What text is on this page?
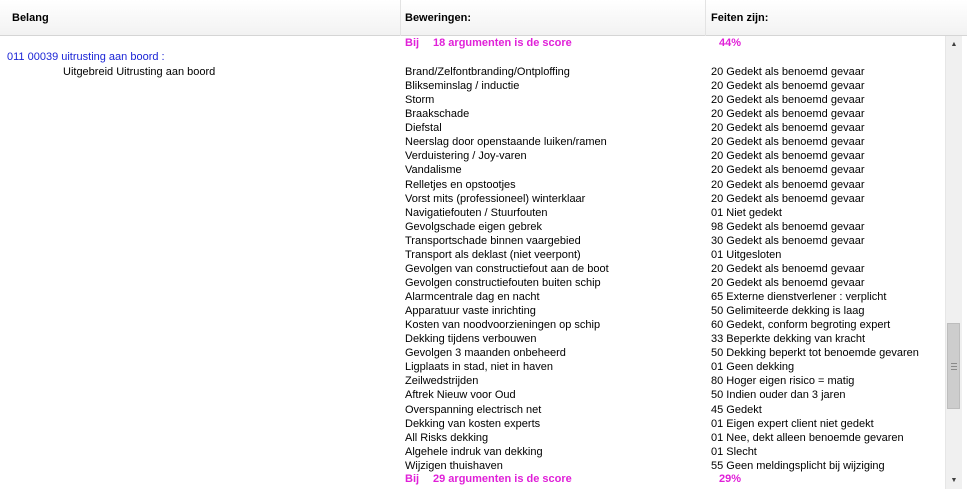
Belang	Beweringen:	Feiten zijn:
011 00039 uitrusting aan boord :
Uitgebreid Uitrusting aan boord
Bij 18 argumenten is de score	44%
Brand/Zelfontbranding/Ontploffing	20 Gedekt als benoemd gevaar
Blikseminslag / inductie	20 Gedekt als benoemd gevaar
Storm	20 Gedekt als benoemd gevaar
Braakschade	20 Gedekt als benoemd gevaar
Diefstal	20 Gedekt als benoemd gevaar
Neerslag door openstaande luiken/ramen	20 Gedekt als benoemd gevaar
Verduistering / Joy-varen	20 Gedekt als benoemd gevaar
Vandalisme	20 Gedekt als benoemd gevaar
Relletjes en opstootjes	20 Gedekt als benoemd gevaar
Vorst mits (professioneel) winterklaar	20 Gedekt als benoemd gevaar
Navigatiefouten / Stuurfouten	01 Niet gedekt
Gevolgschade eigen gebrek	98 Gedekt als benoemd gevaar
Transportschade binnen vaargebied	30 Gedekt als benoemd gevaar
Transport als deklast (niet veerpont)	01 Uitgesloten
Gevolgen van constructiefout aan de boot	20 Gedekt als benoemd gevaar
Gevolgen constructiefouten buiten schip	20 Gedekt als benoemd gevaar
Alarmcentrale dag en nacht	65 Externe dienstverlener : verplicht
Apparatuur vaste inrichting	50 Gelimiteerde dekking is laag
Kosten van noodvoorzieningen op schip	60 Gedekt, conform begroting expert
Dekking tijdens verbouwen	33 Beperkte dekking van kracht
Gevolgen 3 maanden onbeheerd	50 Dekking beperkt tot benoemde gevaren
Ligplaats in stad, niet in haven	01 Geen dekking
Zeilwedstrijden	80 Hoger eigen risico = matig
Aftrek Nieuw voor Oud	50 Indien ouder dan 3 jaren
Overspanning electrisch net	45 Gedekt
Dekking van kosten experts	01 Eigen expert client niet gedekt
All Risks dekking	01 Nee, dekt alleen benoemde gevaren
Algehele indruk van dekking	01 Slecht
Wijzigen thuishaven	55 Geen meldingsplicht bij wijziging
Bij 29 argumenten is de score	29%
▲
▼
